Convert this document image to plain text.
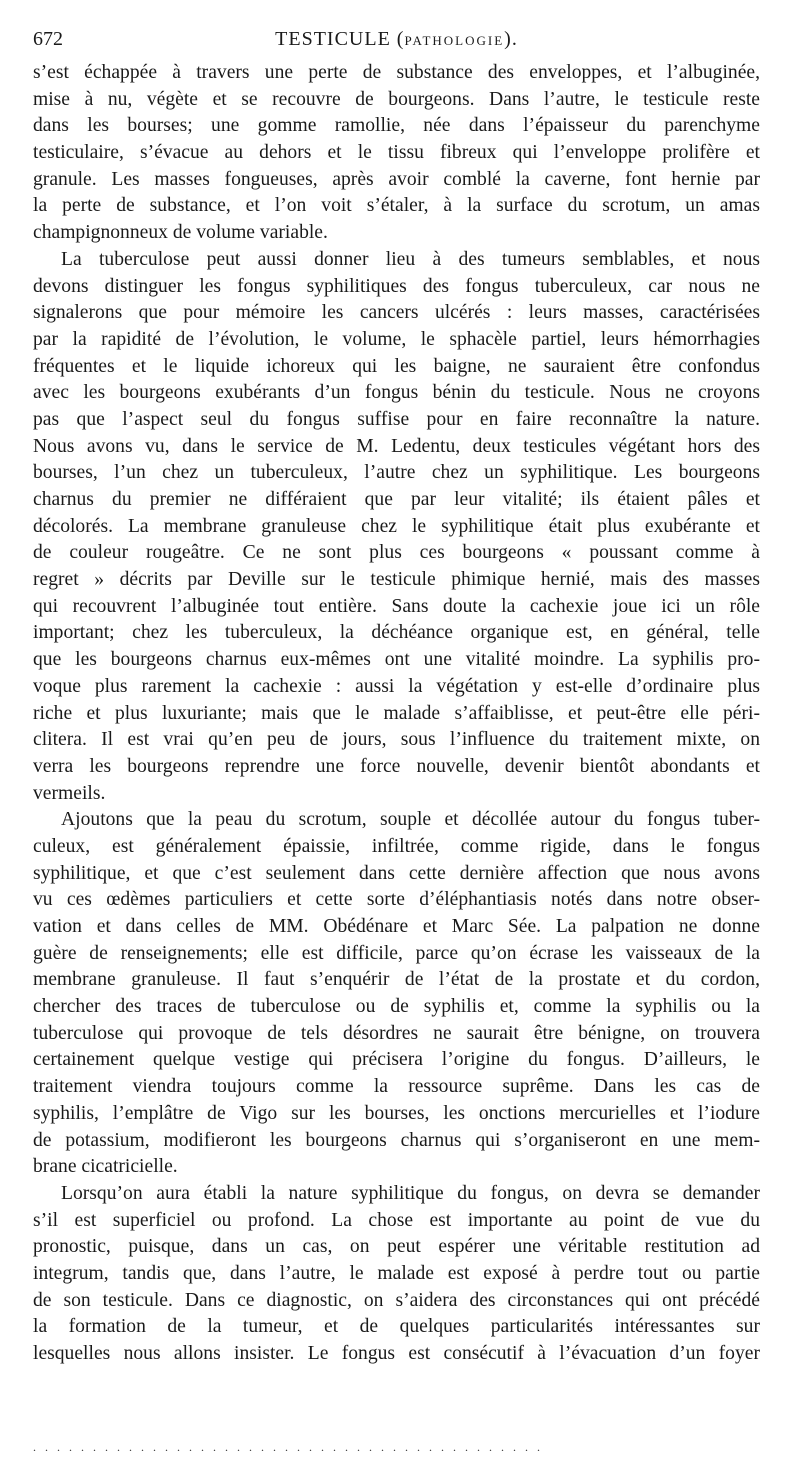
672	TESTICULE (PATHOLOGIE).
s’est échappée à travers une perte de substance des enveloppes, et l’albuginée,
mise à nu, végète et se recouvre de bourgeons. Dans l’autre, le testicule reste
dans les bourses; une gomme ramollie, née dans l’épaisseur du parenchyme
testiculaire, s’évacue au dehors et le tissu fibreux qui l’enveloppe prolifère et
granule. Les masses fongueuses, après avoir comblé la caverne, font hernie par
la perte de substance, et l’on voit s’étaler, à la surface du scrotum, un amas
champignonneux de volume variable.
La tuberculose peut aussi donner lieu à des tumeurs semblables, et nous
devons distinguer les fongus syphilitiques des fongus tuberculeux, car nous ne
signalerons que pour mémoire les cancers ulcérés : leurs masses, caractérisées
par la rapidité de l’évolution, le volume, le sphacèle partiel, leurs hémorrhagies
fréquentes et le liquide ichoreux qui les baigne, ne sauraient être confondus
avec les bourgeons exubérants d’un fongus bénin du testicule. Nous ne croyons
pas que l’aspect seul du fongus suffise pour en faire reconnaître la nature.
Nous avons vu, dans le service de M. Ledentu, deux testicules végétant hors des
bourses, l’un chez un tuberculeux, l’autre chez un syphilitique. Les bourgeons
charnus du premier ne différaient que par leur vitalité; ils étaient pâles et
décolorés. La membrane granuleuse chez le syphilitique était plus exubérante et
de couleur rougeâtre. Ce ne sont plus ces bourgeons « poussant comme à
regret » décrits par Deville sur le testicule phimique hernié, mais des masses
qui recouvrent l’albuginée tout entière. Sans doute la cachexie joue ici un rôle
important; chez les tuberculeux, la déchéance organique est, en général, telle
que les bourgeons charnus eux-mêmes ont une vitalité moindre. La syphilis pro-
voque plus rarement la cachexie : aussi la végétation y est-elle d’ordinaire plus
riche et plus luxuriante; mais que le malade s’affaiblisse, et peut-être elle péri-
clitera. Il est vrai qu’en peu de jours, sous l’influence du traitement mixte, on
verra les bourgeons reprendre une force nouvelle, devenir bientôt abondants et
vermeils.
Ajoutons que la peau du scrotum, souple et décollée autour du fongus tuber-
culeux, est généralement épaissie, infiltrée, comme rigide, dans le fongus
syphilitique, et que c’est seulement dans cette dernière affection que nous avons
vu ces œdèmes particuliers et cette sorte d’éléphantiasis notés dans notre obser-
vation et dans celles de MM. Obédénare et Marc Sée. La palpation ne donne
guère de renseignements; elle est difficile, parce qu’on écrase les vaisseaux de la
membrane granuleuse. Il faut s’enquérir de l’état de la prostate et du cordon,
chercher des traces de tuberculose ou de syphilis et, comme la syphilis ou la
tuberculose qui provoque de tels désordres ne saurait être bénigne, on trouvera
certainement quelque vestige qui précisera l’origine du fongus. D’ailleurs, le
traitement viendra toujours comme la ressource suprême. Dans les cas de
syphilis, l’emplâtre de Vigo sur les bourses, les onctions mercurielles et l’iodure
de potassium, modifieront les bourgeons charnus qui s’organiseront en une mem-
brane cicatricielle.
Lorsqu’on aura établi la nature syphilitique du fongus, on devra se demander
s’il est superficiel ou profond. La chose est importante au point de vue du
pronostic, puisque, dans un cas, on peut espérer une véritable restitution ad
integrum, tandis que, dans l’autre, le malade est exposé à perdre tout ou partie
de son testicule. Dans ce diagnostic, on s’aidera des circonstances qui ont précédé
la formation de la tumeur, et de quelques particularités intéressantes sur
lesquelles nous allons insister. Le fongus est consécutif à l’évacuation d’un foyer
. . . . . . . . . . . . . . . . . . . . . . . . . . . . . . . . . . . . . . . . . . .
